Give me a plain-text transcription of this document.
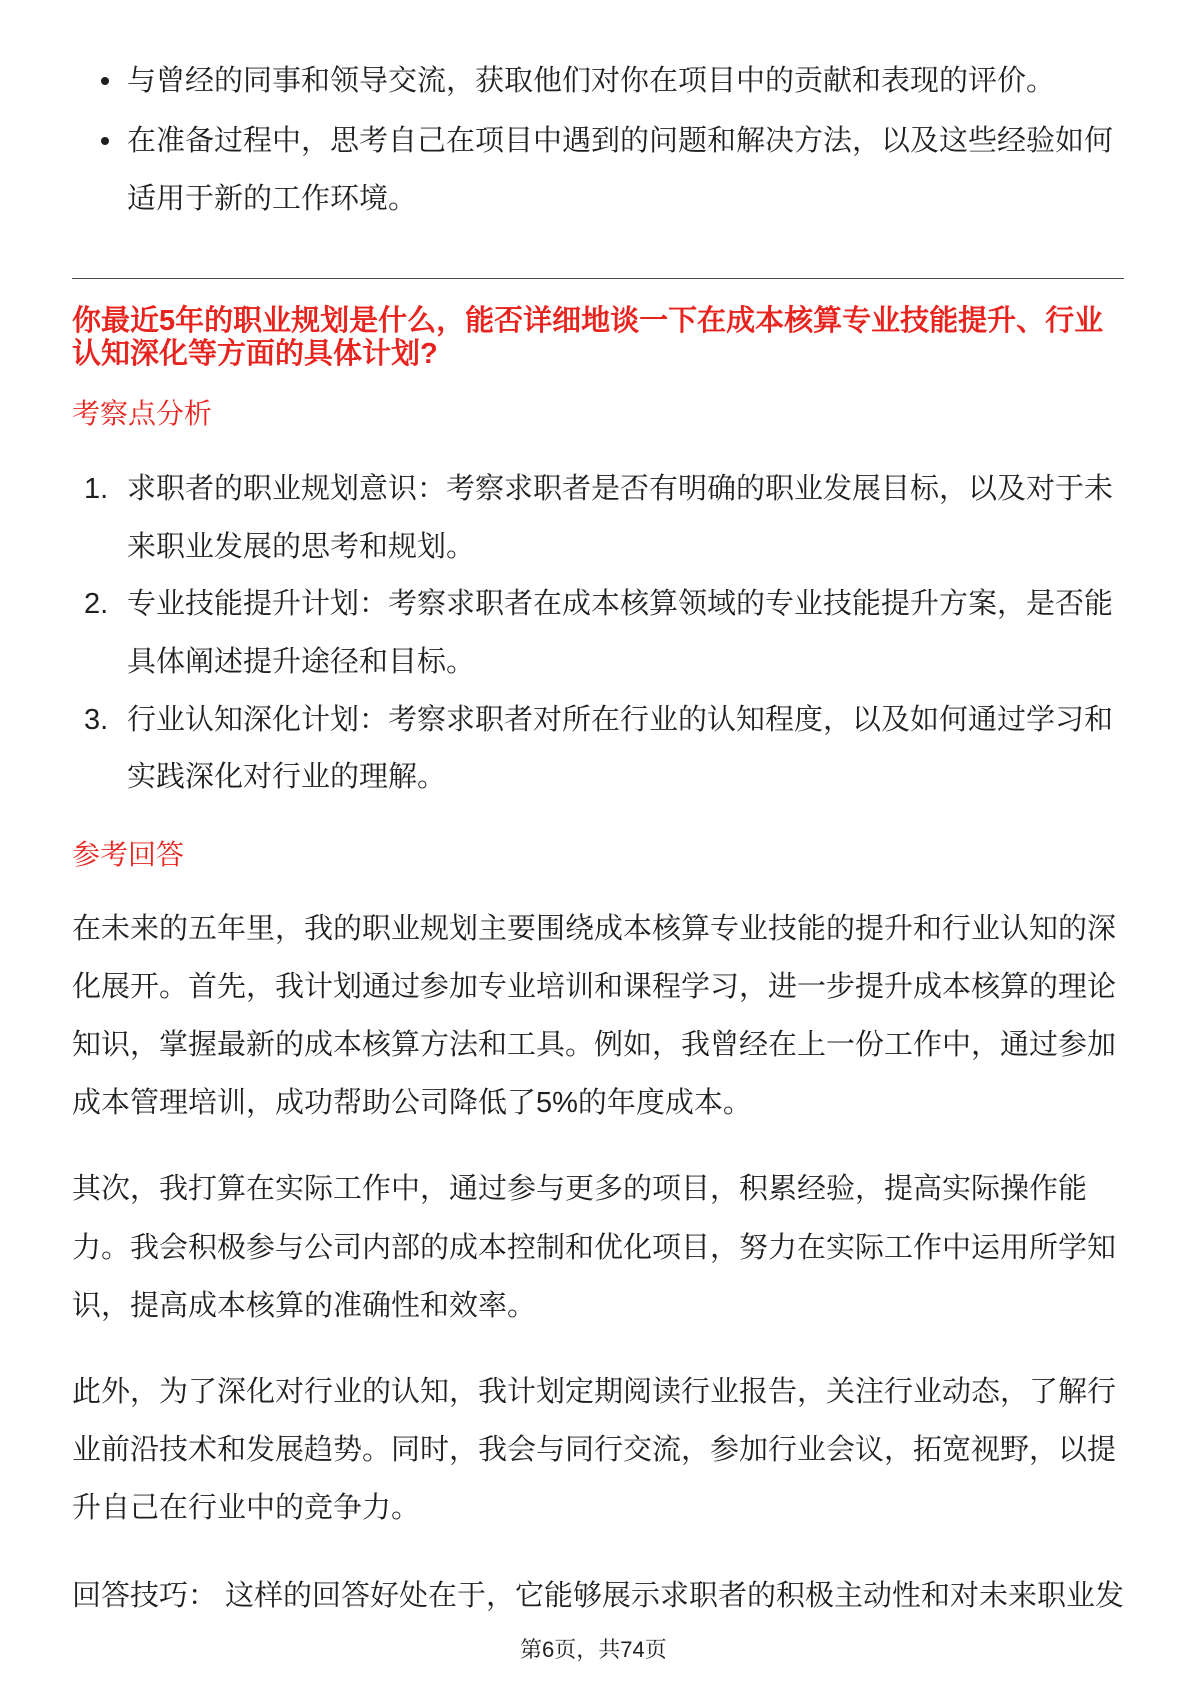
与曾经的同事和领导交流，获取他们对你在项目中的贡献和表现的评价。
在准备过程中，思考自己在项目中遇到的问题和解决方法，以及这些经验如何
适用于新的工作环境。
你最近5年的职业规划是什么，能否详细地谈一下在成本核算专业技能提升、行业
认知深化等方面的具体计划?
考察点分析
1. 求职者的职业规划意识：考察求职者是否有明确的职业发展目标，以及对于未
来职业发展的思考和规划。
2. 专业技能提升计划：考察求职者在成本核算领域的专业技能提升方案，是否能
具体阐述提升途径和目标。
3. 行业认知深化计划：考察求职者对所在行业的认知程度，以及如何通过学习和
实践深化对行业的理解。
参考回答
在未来的五年里，我的职业规划主要围绕成本核算专业技能的提升和行业认知的深
化展开。首先，我计划通过参加专业培训和课程学习，进一步提升成本核算的理论
知识，掌握最新的成本核算方法和工具。例如，我曾经在上一份工作中，通过参加
成本管理培训，成功帮助公司降低了5%的年度成本。
其次，我打算在实际工作中，通过参与更多的项目，积累经验，提高实际操作能
力。我会积极参与公司内部的成本控制和优化项目，努力在实际工作中运用所学知
识，提高成本核算的准确性和效率。
此外，为了深化对行业的认知，我计划定期阅读行业报告，关注行业动态，了解行
业前沿技术和发展趋势。同时，我会与同行交流，参加行业会议，拓宽视野，以提
升自己在行业中的竞争力。
回答技巧： 这样的回答好处在于，它能够展示求职者的积极主动性和对未来职业发
第6页，共74页
